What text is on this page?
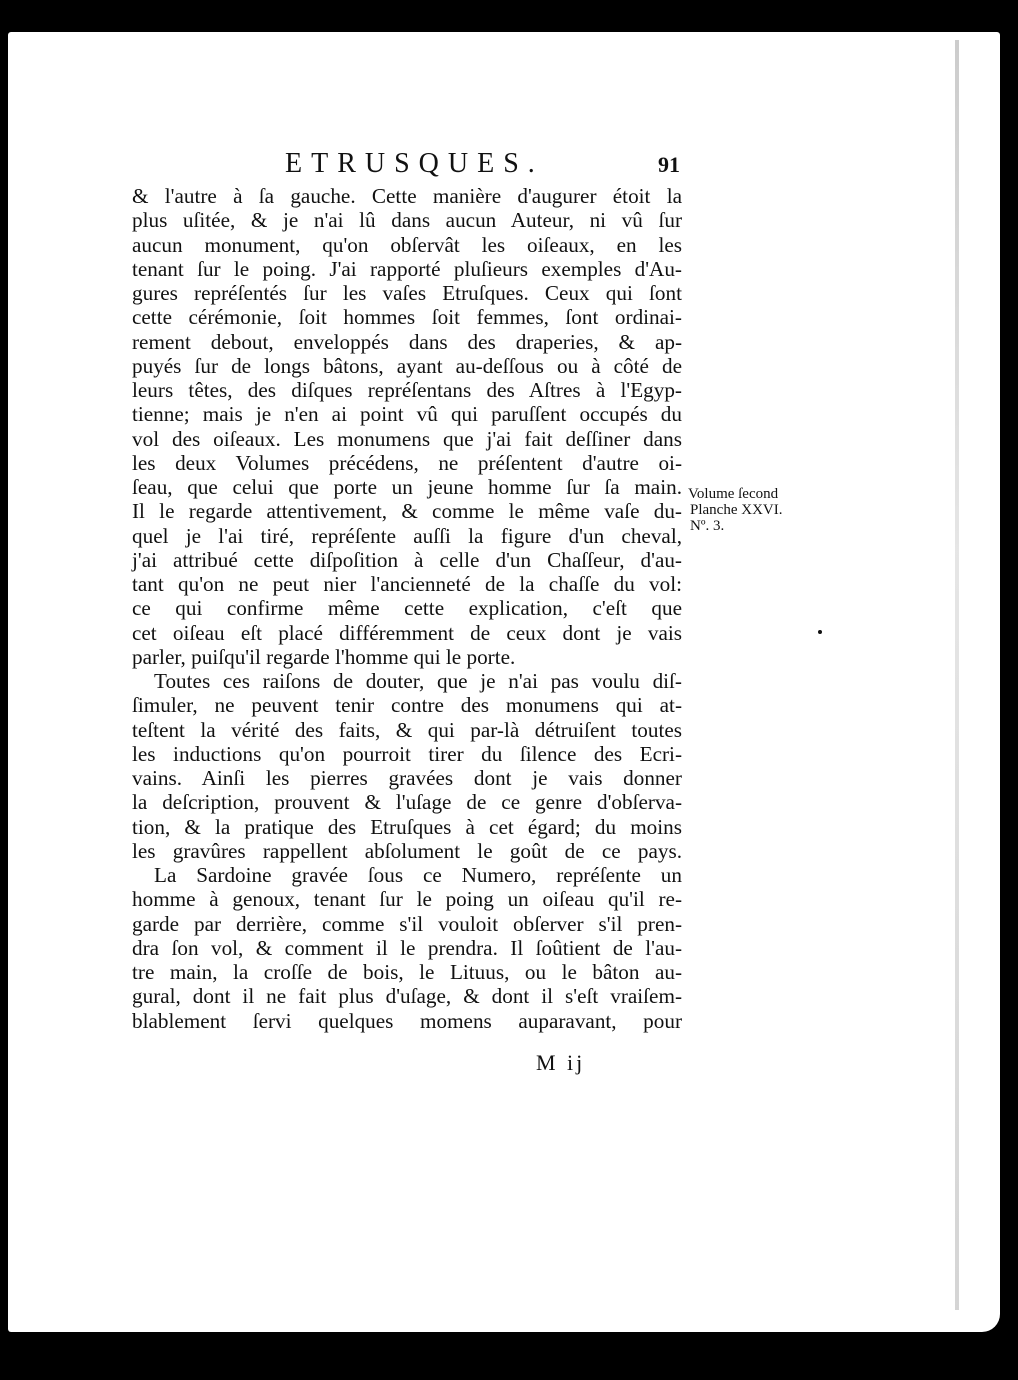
ETRUSQUES.	91
& l'autre à ſa gauche. Cette manière d'augurer étoit la
plus uſitée, & je n'ai lû dans aucun Auteur, ni vû ſur
aucun monument, qu'on obſervât les oiſeaux, en les
tenant ſur le poing. J'ai rapporté pluſieurs exemples d'Au-
gures repréſentés ſur les vaſes Etruſques. Ceux qui ſont
cette cérémonie, ſoit hommes ſoit femmes, ſont ordinai-
rement debout, enveloppés dans des draperies, & ap-
puyés ſur de longs bâtons, ayant au-deſſous ou à côté de
leurs têtes, des diſques repréſentans des Aſtres à l'Egyp-
tienne; mais je n'en ai point vû qui paruſſent occupés du
vol des oiſeaux. Les monumens que j'ai fait deſſiner dans
les deux Volumes précédens, ne préſentent d'autre oi-
ſeau, que celui que porte un jeune homme ſur ſa main.
Il le regarde attentivement, & comme le même vaſe du-
quel je l'ai tiré, repréſente auſſi la figure d'un cheval,
j'ai attribué cette diſpoſition à celle d'un Chaſſeur, d'au-
tant qu'on ne peut nier l'ancienneté de la chaſſe du vol:
ce qui confirme même cette explication, c'eſt que
cet oiſeau eſt placé différemment de ceux dont je vais
parler, puiſqu'il regarde l'homme qui le porte.
Toutes ces raiſons de douter, que je n'ai pas voulu diſ-
ſimuler, ne peuvent tenir contre des monumens qui at-
teſtent la vérité des faits, & qui par-là détruiſent toutes
les inductions qu'on pourroit tirer du ſilence des Ecri-
vains. Ainſi les pierres gravées dont je vais donner
la deſcription, prouvent & l'uſage de ce genre d'obſerva-
tion, & la pratique des Etruſques à cet égard; du moins
les gravûres rappellent abſolument le goût de ce pays.
La Sardoine gravée ſous ce Numero, repréſente un
homme à genoux, tenant ſur le poing un oiſeau qu'il re-
garde par derrière, comme s'il vouloit obſerver s'il pren-
dra ſon vol, & comment il le prendra. Il ſoûtient de l'au-
tre main, la croſſe de bois, le Lituus, ou le bâton au-
gural, dont il ne fait plus d'uſage, & dont il s'eſt vraiſem-
blablement ſervi quelques momens auparavant, pour
Volume ſecond
Planche XXVI.
Nº. 3.
M ij
